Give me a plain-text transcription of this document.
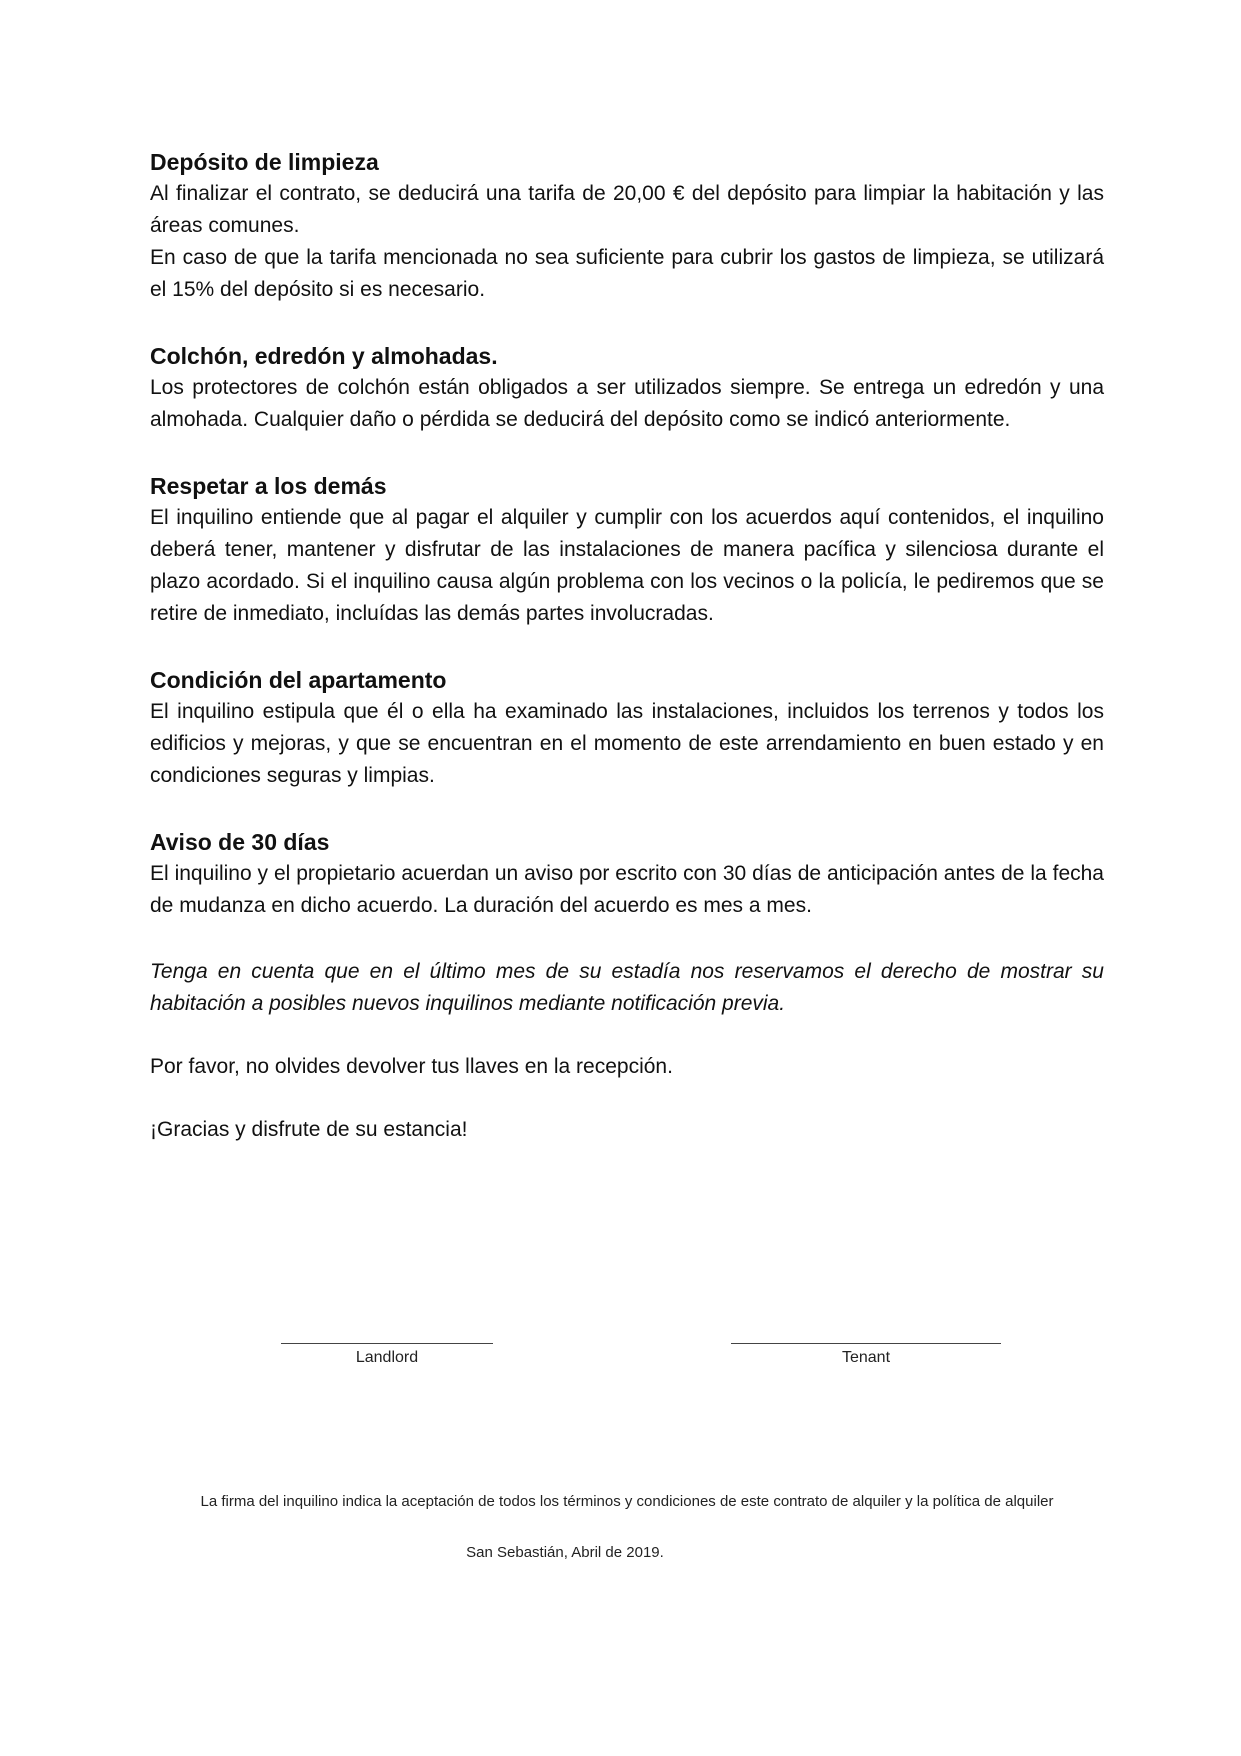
Depósito de limpieza

Al finalizar el contrato, se deducirá una tarifa de 20,00 € del depósito para limpiar la habitación y las áreas comunes.

En caso de que la tarifa mencionada no sea suficiente para cubrir los gastos de limpieza, se utilizará el 15% del depósito si es necesario.

Colchón, edredón y almohadas.

Los protectores de colchón están obligados a ser utilizados siempre. Se entrega un edredón y una almohada. Cualquier daño o pérdida se deducirá del depósito como se indicó anteriormente.

Respetar a los demás

El inquilino entiende que al pagar el alquiler y cumplir con los acuerdos aquí contenidos, el inquilino deberá tener, mantener y disfrutar de las instalaciones de manera pacífica y silenciosa durante el plazo acordado. Si el inquilino causa algún problema con los vecinos o la policía, le pediremos que se retire de inmediato, incluídas las demás partes involucradas.

Condición del apartamento

El inquilino estipula que él o ella ha examinado las instalaciones, incluidos los terrenos y todos los edificios y mejoras, y que se encuentran en el momento de este arrendamiento en buen estado y en condiciones seguras y limpias.

Aviso de 30 días

El inquilino y el propietario acuerdan un aviso por escrito con 30 días de anticipación antes de la fecha de mudanza en dicho acuerdo. La duración del acuerdo es mes a mes.

Tenga en cuenta que en el último mes de su estadía nos reservamos el derecho de mostrar su habitación a posibles nuevos inquilinos mediante notificación previa.

Por favor, no olvides devolver tus llaves en la recepción.

¡Gracias y disfrute de su estancia!

Landlord	Tenant
La firma del inquilino indica la aceptación de todos los términos y condiciones de este contrato de alquiler y la política de alquiler
San Sebastián, Abril de 2019.
